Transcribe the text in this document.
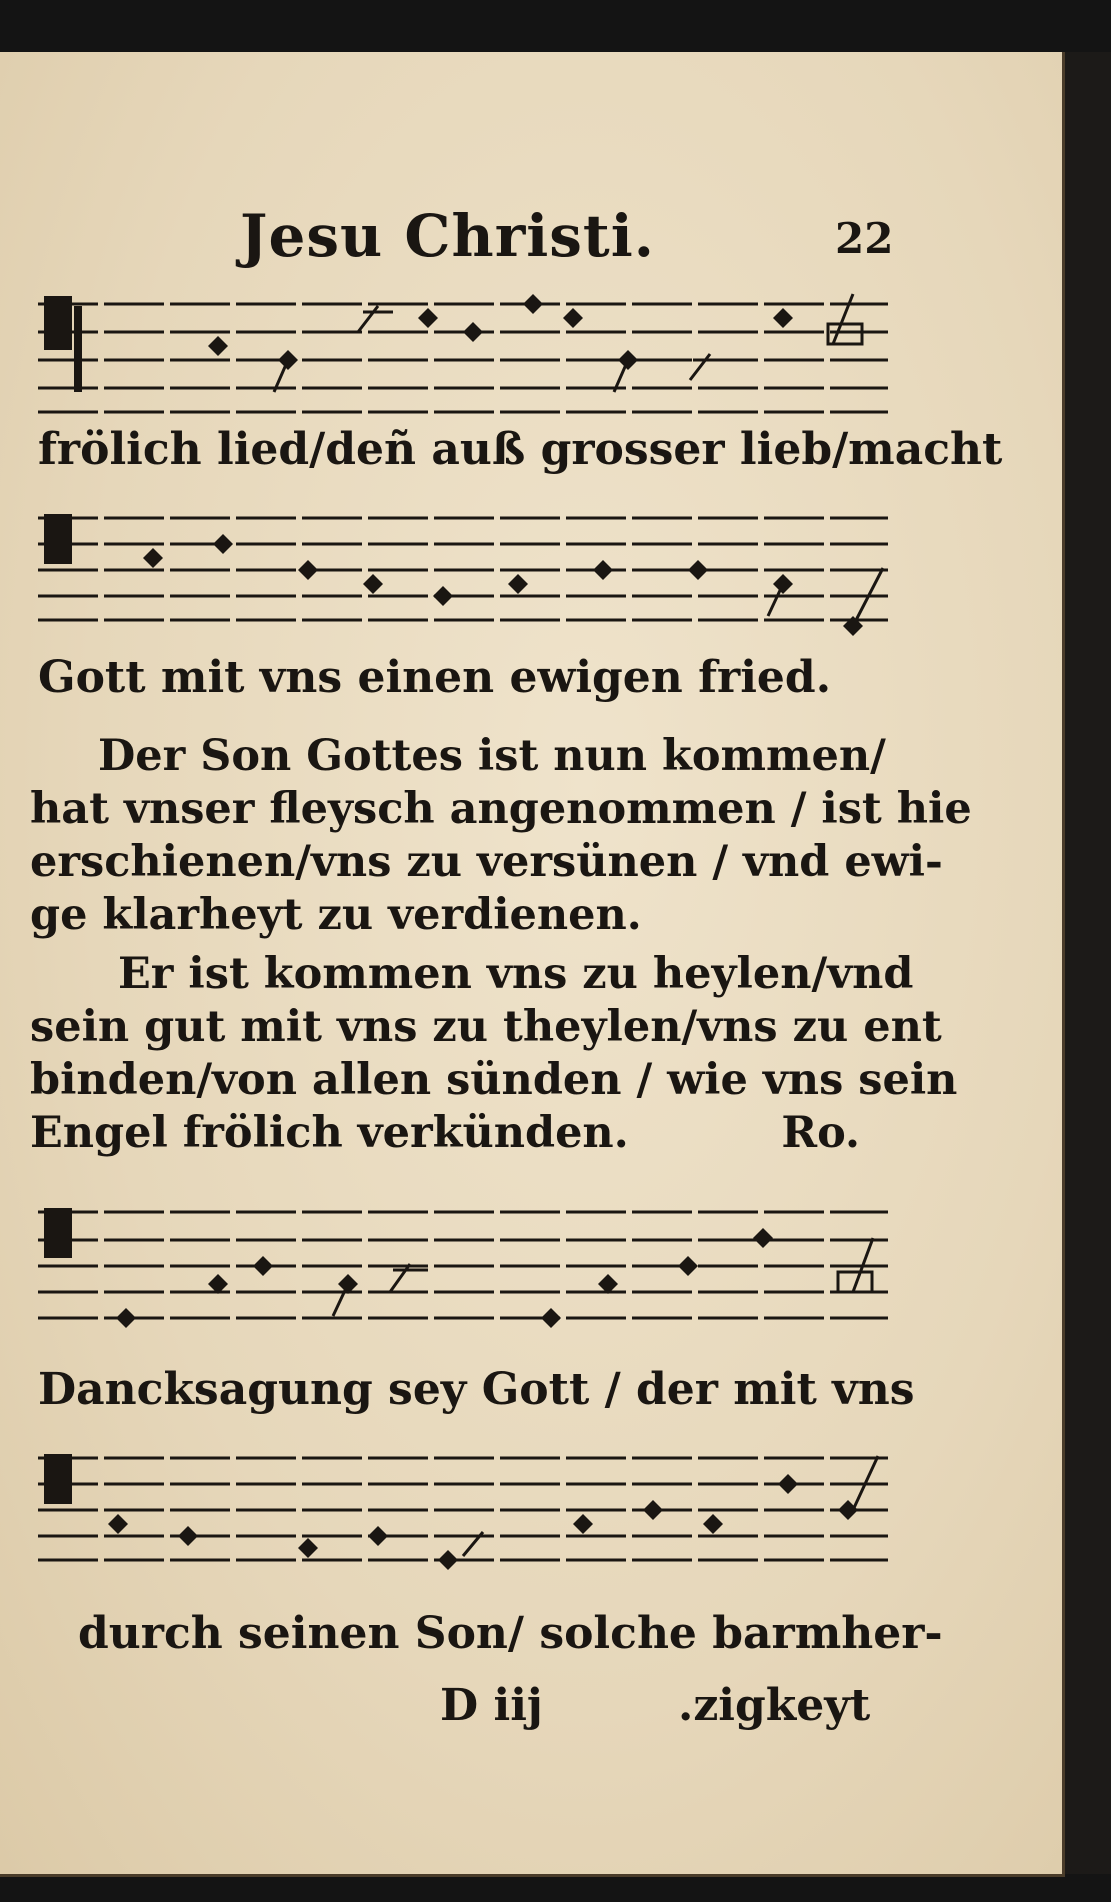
Jesu Christi.	22
frölich lied/deñ auß grosser lieb/macht
Gott mit vns einen ewigen fried.
Der Son Gottes ist nun kommen/
hat vnser fleysch angenommen / ist hie
erschienen/vns zu versünen / vnd ewi-
ge klarheyt zu verdienen.
Er ist kommen vns zu heylen/vnd
sein gut mit vns zu theylen/vns zu ent
binden/von allen sünden / wie vns sein
Engel frölich verkünden.	Ro.
Dancksagung sey Gott / der mit vns
durch seinen Son/ solche barmher-
D iij	.zigkeyt
